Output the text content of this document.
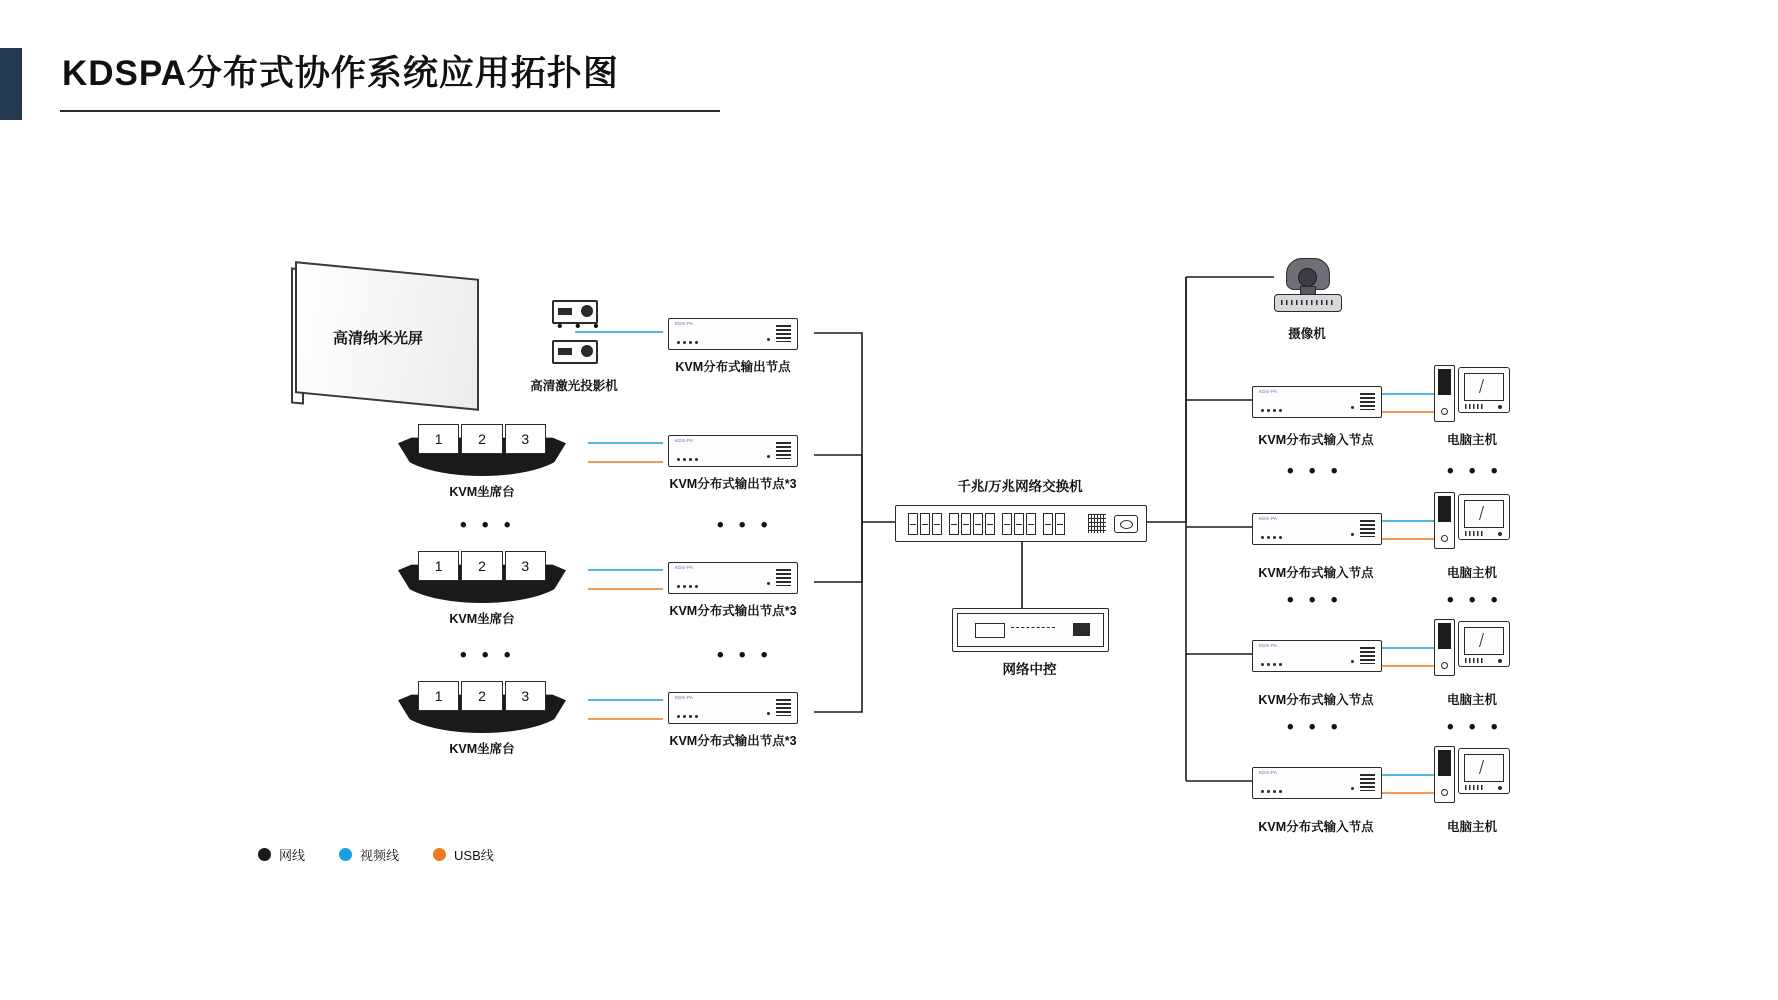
KDSPA分布式协作系统应用拓扑图
高清纳米光屏
• • •
高清激光投影机
KDS-PA
KVM分布式输出节点
KDS-PA
KVM分布式输出节点*3
• • •
KDS-PA
KVM分布式输出节点*3
• • •
KDS-PA
KVM分布式输出节点*3
1	2	3
KVM坐席台
• • •
1	2	3
KVM坐席台
• • •
1	2	3
KVM坐席台
千兆/万兆网络交换机
网络中控
摄像机
KDS-PA
KVM分布式输入节点	电脑主机
• • •	• • •
KDS-PA
KVM分布式输入节点	电脑主机
• • •	• • •
KDS-PA
KVM分布式输入节点	电脑主机
• • •	• • •
KDS-PA
KVM分布式输入节点	电脑主机
网线	视频线	USB线
